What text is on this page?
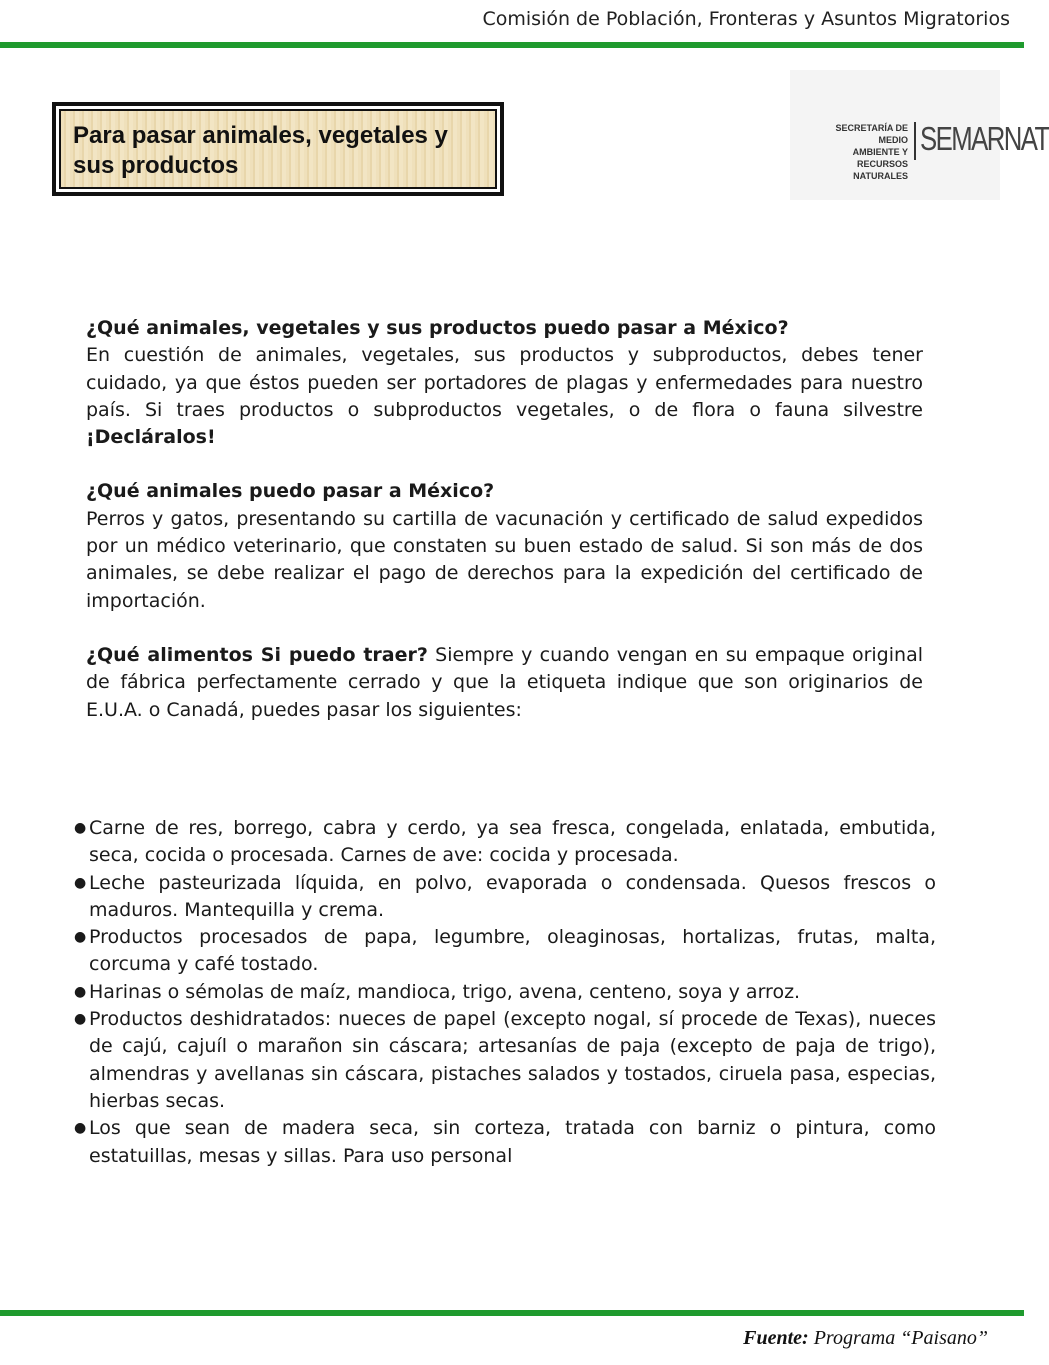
Comisión de Población, Fronteras y Asuntos Migratorios
Para pasar animales, vegetales y sus productos
SECRETARÍA DE
MEDIO AMBIENTE Y
RECURSOS NATURALES
SEMARNAT

¿Qué animales, vegetales y sus productos puedo pasar a México?
En cuestión de animales, vegetales, sus productos y subproductos, debes tener cuidado, ya que éstos pueden ser portadores de plagas y enfermedades para nuestro país. Si traes productos o subproductos vegetales, o de flora o fauna silvestre ¡Decláralos!

¿Qué animales puedo pasar a México?
Perros y gatos, presentando su cartilla de vacunación y certificado de salud expedidos por un médico veterinario, que constaten su buen estado de salud. Si son más de dos animales, se debe realizar el pago de derechos para la expedición del certificado de importación.

¿Qué alimentos Si puedo traer? Siempre y cuando vengan en su empaque original de fábrica perfectamente cerrado y que la etiqueta indique que son originarios de E.U.A. o Canadá, puedes pasar los siguientes:

● Carne de res, borrego, cabra y cerdo, ya sea fresca, congelada, enlatada, embutida, seca, cocida o procesada. Carnes de ave: cocida y procesada.
● Leche pasteurizada líquida, en polvo, evaporada o condensada. Quesos frescos o maduros. Mantequilla y crema.
● Productos procesados de papa, legumbre, oleaginosas, hortalizas, frutas, malta, corcuma y café tostado.
● Harinas o sémolas de maíz, mandioca, trigo, avena, centeno, soya y arroz.
● Productos deshidratados: nueces de papel (excepto nogal, sí procede de Texas), nueces de cajú, cajuíl o marañon sin cáscara; artesanías de paja (excepto de paja de trigo), almendras y avellanas sin cáscara, pistaches salados y tostados, ciruela pasa, especias, hierbas secas.
● Los que sean de madera seca, sin corteza, tratada con barniz o pintura, como estatuillas, mesas y sillas. Para uso personal
Fuente: Programa “Paisano”
